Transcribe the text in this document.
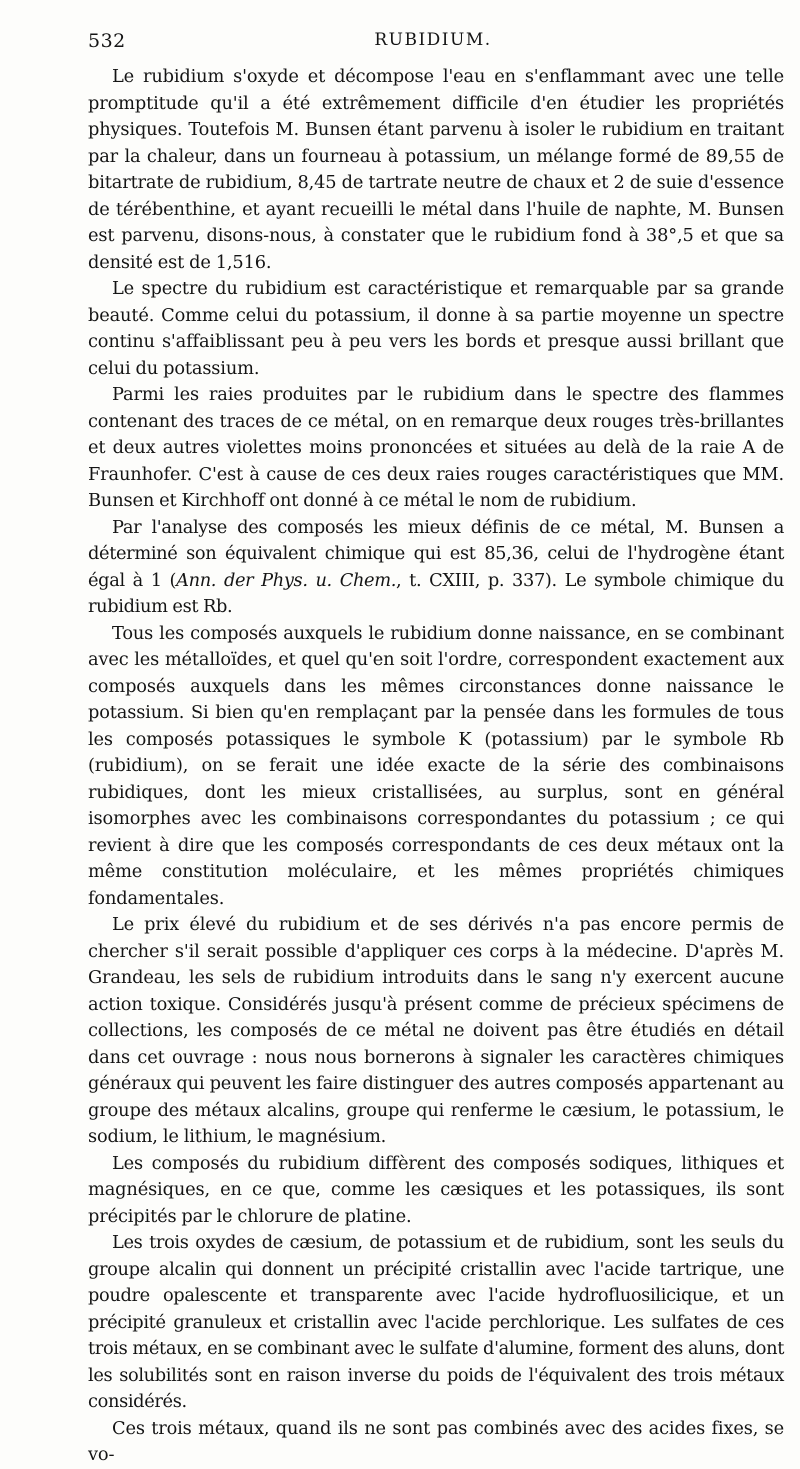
532	RUBIDIUM.

Le rubidium s'oxyde et décompose l'eau en s'enflammant avec une telle promptitude qu'il a été extrêmement difficile d'en étudier les propriétés physiques. Toutefois M. Bunsen étant parvenu à isoler le rubidium en traitant par la chaleur, dans un fourneau à potassium, un mélange formé de 89,55 de bitartrate de rubidium, 8,45 de tartrate neutre de chaux et 2 de suie d'essence de térébenthine, et ayant recueilli le métal dans l'huile de naphte, M. Bunsen est parvenu, disons-nous, à constater que le rubidium fond à 38°,5 et que sa densité est de 1,516.

Le spectre du rubidium est caractéristique et remarquable par sa grande beauté. Comme celui du potassium, il donne à sa partie moyenne un spectre continu s'affaiblissant peu à peu vers les bords et presque aussi brillant que celui du potassium.

Parmi les raies produites par le rubidium dans le spectre des flammes contenant des traces de ce métal, on en remarque deux rouges très-brillantes et deux autres violettes moins prononcées et situées au delà de la raie A de Fraunhofer. C'est à cause de ces deux raies rouges caractéristiques que MM. Bunsen et Kirchhoff ont donné à ce métal le nom de rubidium.

Par l'analyse des composés les mieux définis de ce métal, M. Bunsen a déterminé son équivalent chimique qui est 85,36, celui de l'hydrogène étant égal à 1 (Ann. der Phys. u. Chem., t. CXIII, p. 337). Le symbole chimique du rubidium est Rb.

Tous les composés auxquels le rubidium donne naissance, en se combinant avec les métalloïdes, et quel qu'en soit l'ordre, correspondent exactement aux composés auxquels dans les mêmes circonstances donne naissance le potassium. Si bien qu'en remplaçant par la pensée dans les formules de tous les composés potassiques le symbole K (potassium) par le symbole Rb (rubidium), on se ferait une idée exacte de la série des combinaisons rubidiques, dont les mieux cristallisées, au surplus, sont en général isomorphes avec les combinaisons correspondantes du potassium ; ce qui revient à dire que les composés correspondants de ces deux métaux ont la même constitution moléculaire, et les mêmes propriétés chimiques fondamentales.

Le prix élevé du rubidium et de ses dérivés n'a pas encore permis de chercher s'il serait possible d'appliquer ces corps à la médecine. D'après M. Grandeau, les sels de rubidium introduits dans le sang n'y exercent aucune action toxique. Considérés jusqu'à présent comme de précieux spécimens de collections, les composés de ce métal ne doivent pas être étudiés en détail dans cet ouvrage : nous nous bornerons à signaler les caractères chimiques généraux qui peuvent les faire distinguer des autres composés appartenant au groupe des métaux alcalins, groupe qui renferme le cæsium, le potassium, le sodium, le lithium, le magnésium.

Les composés du rubidium diffèrent des composés sodiques, lithiques et magnésiques, en ce que, comme les cæsiques et les potassiques, ils sont précipités par le chlorure de platine.

Les trois oxydes de cæsium, de potassium et de rubidium, sont les seuls du groupe alcalin qui donnent un précipité cristallin avec l'acide tartrique, une poudre opalescente et transparente avec l'acide hydrofluosilicique, et un précipité granuleux et cristallin avec l'acide perchlorique. Les sulfates de ces trois métaux, en se combinant avec le sulfate d'alumine, forment des aluns, dont les solubilités sont en raison inverse du poids de l'équivalent des trois métaux considérés.

Ces trois métaux, quand ils ne sont pas combinés avec des acides fixes, se vo-
